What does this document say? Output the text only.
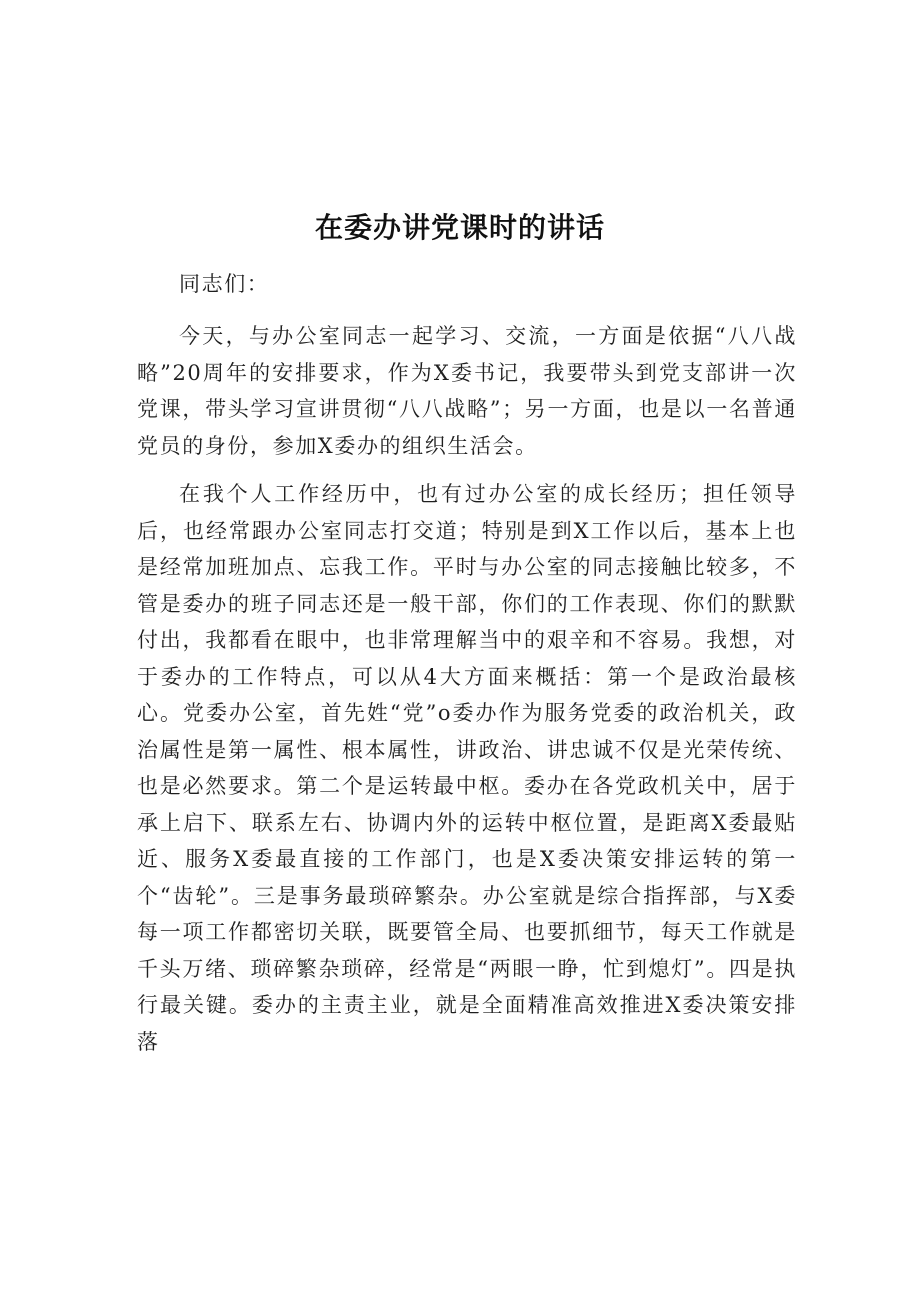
在委办讲党课时的讲话

同志们：

今天，与办公室同志一起学习、交流，一方面是依据“八八战略”20周年的安排要求，作为X委书记，我要带头到党支部讲一次党课，带头学习宣讲贯彻“八八战略”；另一方面，也是以一名普通党员的身份，参加X委办的组织生活会。

在我个人工作经历中，也有过办公室的成长经历；担任领导后，也经常跟办公室同志打交道；特别是到X工作以后，基本上也是经常加班加点、忘我工作。平时与办公室的同志接触比较多，不管是委办的班子同志还是一般干部，你们的工作表现、你们的默默付出，我都看在眼中，也非常理解当中的艰辛和不容易。我想，对于委办的工作特点，可以从4大方面来概括：第一个是政治最核心。党委办公室，首先姓“党”o委办作为服务党委的政治机关，政治属性是第一属性、根本属性，讲政治、讲忠诚不仅是光荣传统、也是必然要求。第二个是运转最中枢。委办在各党政机关中，居于承上启下、联系左右、协调内外的运转中枢位置，是距离X委最贴近、服务X委最直接的工作部门，也是X委决策安排运转的第一个“齿轮”。三是事务最琐碎繁杂。办公室就是综合指挥部，与X委每一项工作都密切关联，既要管全局、也要抓细节，每天工作就是千头万绪、琐碎繁杂琐碎，经常是“两眼一睁，忙到熄灯”。四是执行最关键。委办的主责主业，就是全面精准高效推进X委决策安排落
